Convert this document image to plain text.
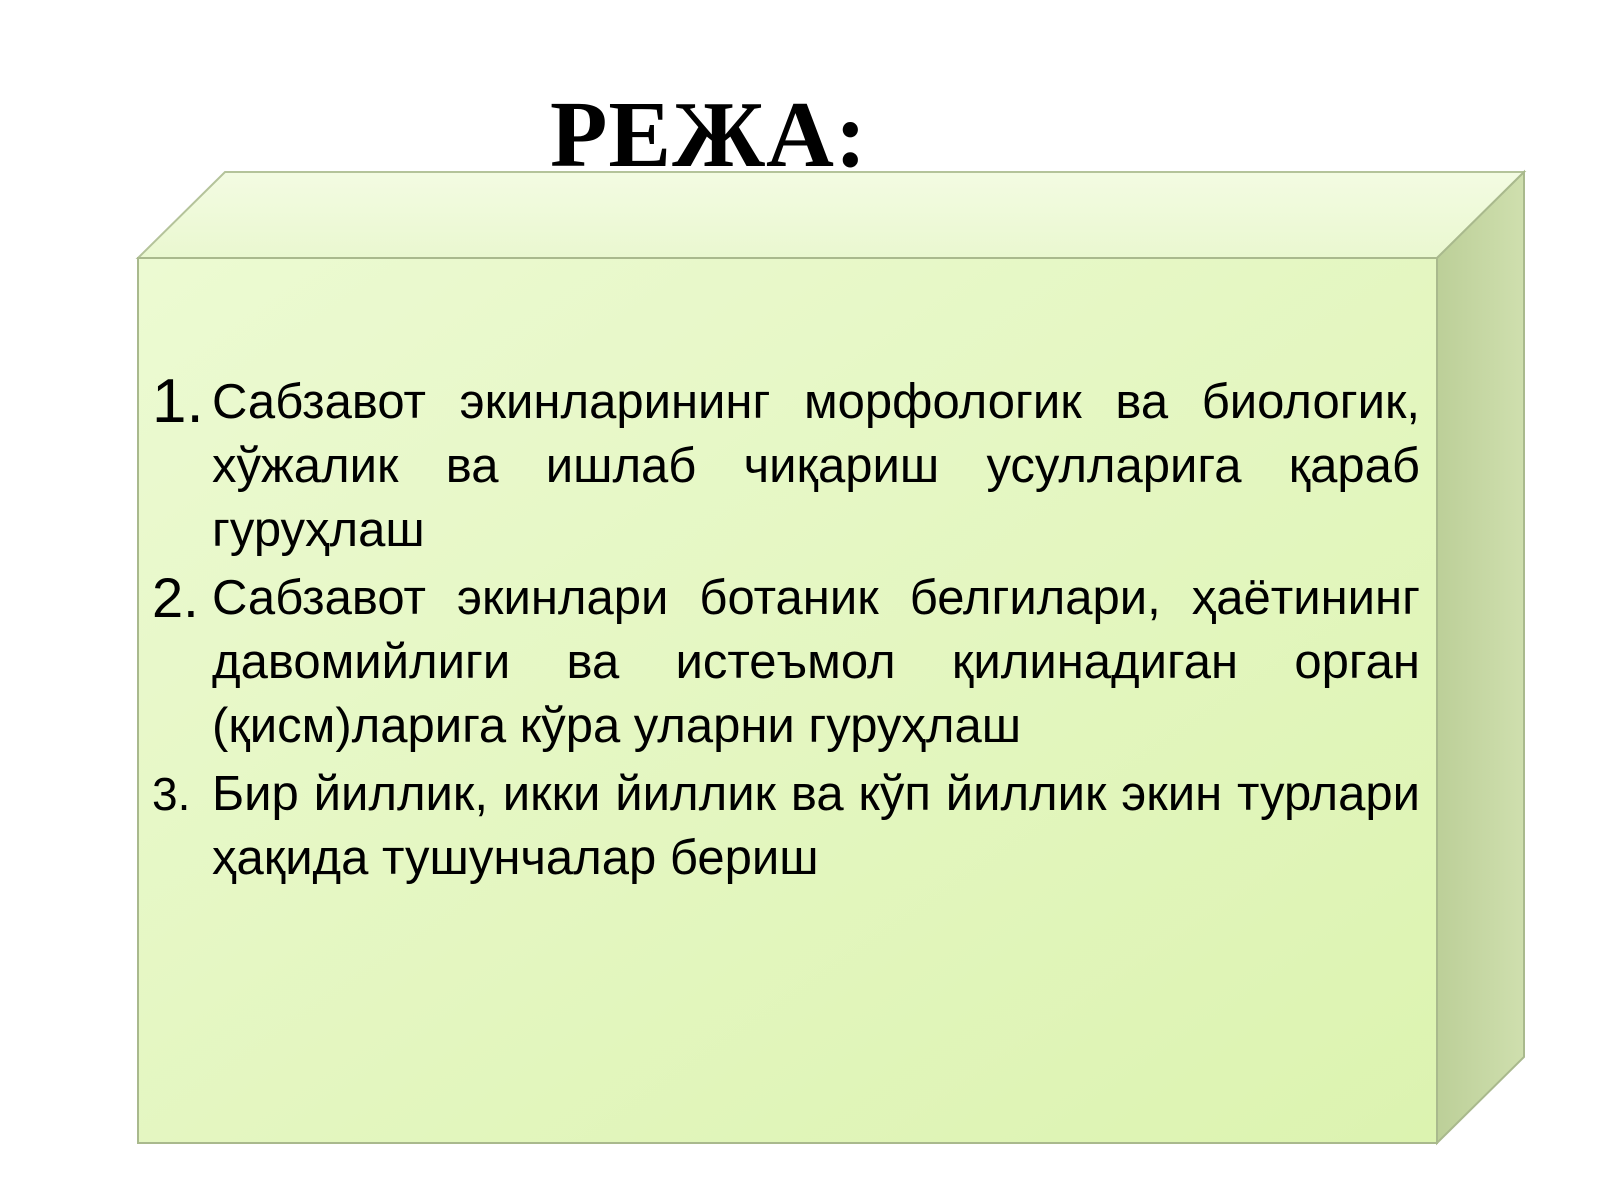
РЕЖА:
1. Сабзавот экинларининг морфологик ва биологик, хўжалик ва ишлаб чиқариш усулларига қараб гуруҳлаш
2. Сабзавот экинлари ботаник белгилари, ҳаётининг давомийлиги ва истеъмол қилинадиган орган (қисм)ларига кўра уларни гуруҳлаш
3. Бир йиллик, икки йиллик ва кўп йиллик экин турлари ҳақида тушунчалар бериш
